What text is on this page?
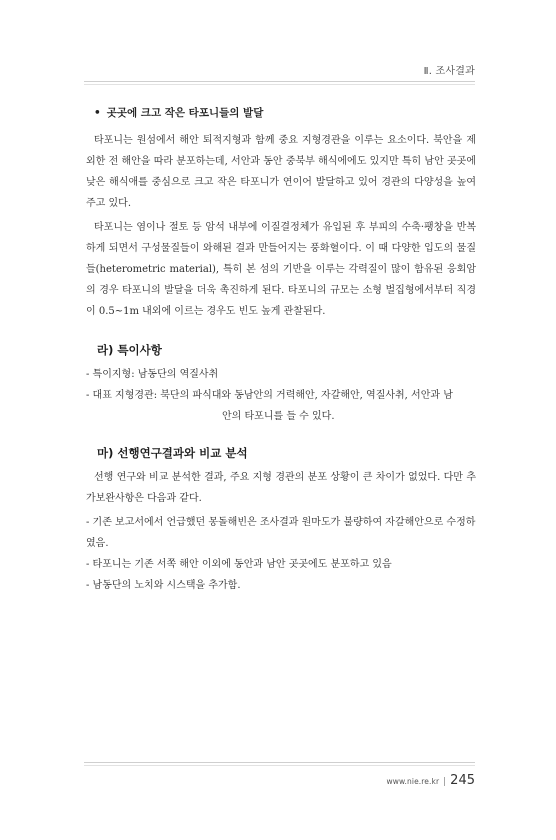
Ⅱ. 조사결과
• 곳곳에 크고 작은 타포니들의 발달

타포니는 원섬에서 해안 퇴적지형과 함께 중요 지형경관을 이루는 요소이다. 북안을 제외한 전 해안을 따라 분포하는데, 서안과 동안 중북부 해식에에도 있지만 특히 남안 곳곳에 낮은 해식애를 중심으로 크고 작은 타포니가 연이어 발달하고 있어 경관의 다양성을 높여주고 있다.

타포니는 염이나 절토 등 암석 내부에 이질결정체가 유입된 후 부피의 수축·팽창을 반복하게 되면서 구성물질들이 와해된 결과 만들어지는 풍화혈이다. 이 때 다양한 입도의 물질들(heterometric material), 특히 본 섬의 기반을 이루는 각력질이 많이 함유된 응회암의 경우 타포니의 발달을 더욱 촉진하게 된다. 타포니의 규모는 소형 벌집형에서부터 직경이 0.5~1m 내외에 이르는 경우도 빈도 높게 관찰된다.

라) 특이사항

- 특이지형: 남동단의 역질사취

- 대표 지형경관: 북단의 파식대와 동남안의 거력해안, 자갈해안, 역질사취, 서안과 남
안의 타포니를 들 수 있다.

마) 선행연구결과와 비교 분석

선행 연구와 비교 분석한 결과, 주요 지형 경관의 분포 상황이 큰 차이가 없었다. 다만 추가보완사항은 다음과 같다.

- 기존 보고서에서 언급했던 몽돌해빈은 조사결과 원마도가 불량하여 자갈해안으로 수정하였음.

- 타포니는 기존 서쪽 해안 이외에 동안과 남안 곳곳에도 분포하고 있음

- 남동단의 노치와 시스택을 추가함.

www.nie.re.kr | 245
